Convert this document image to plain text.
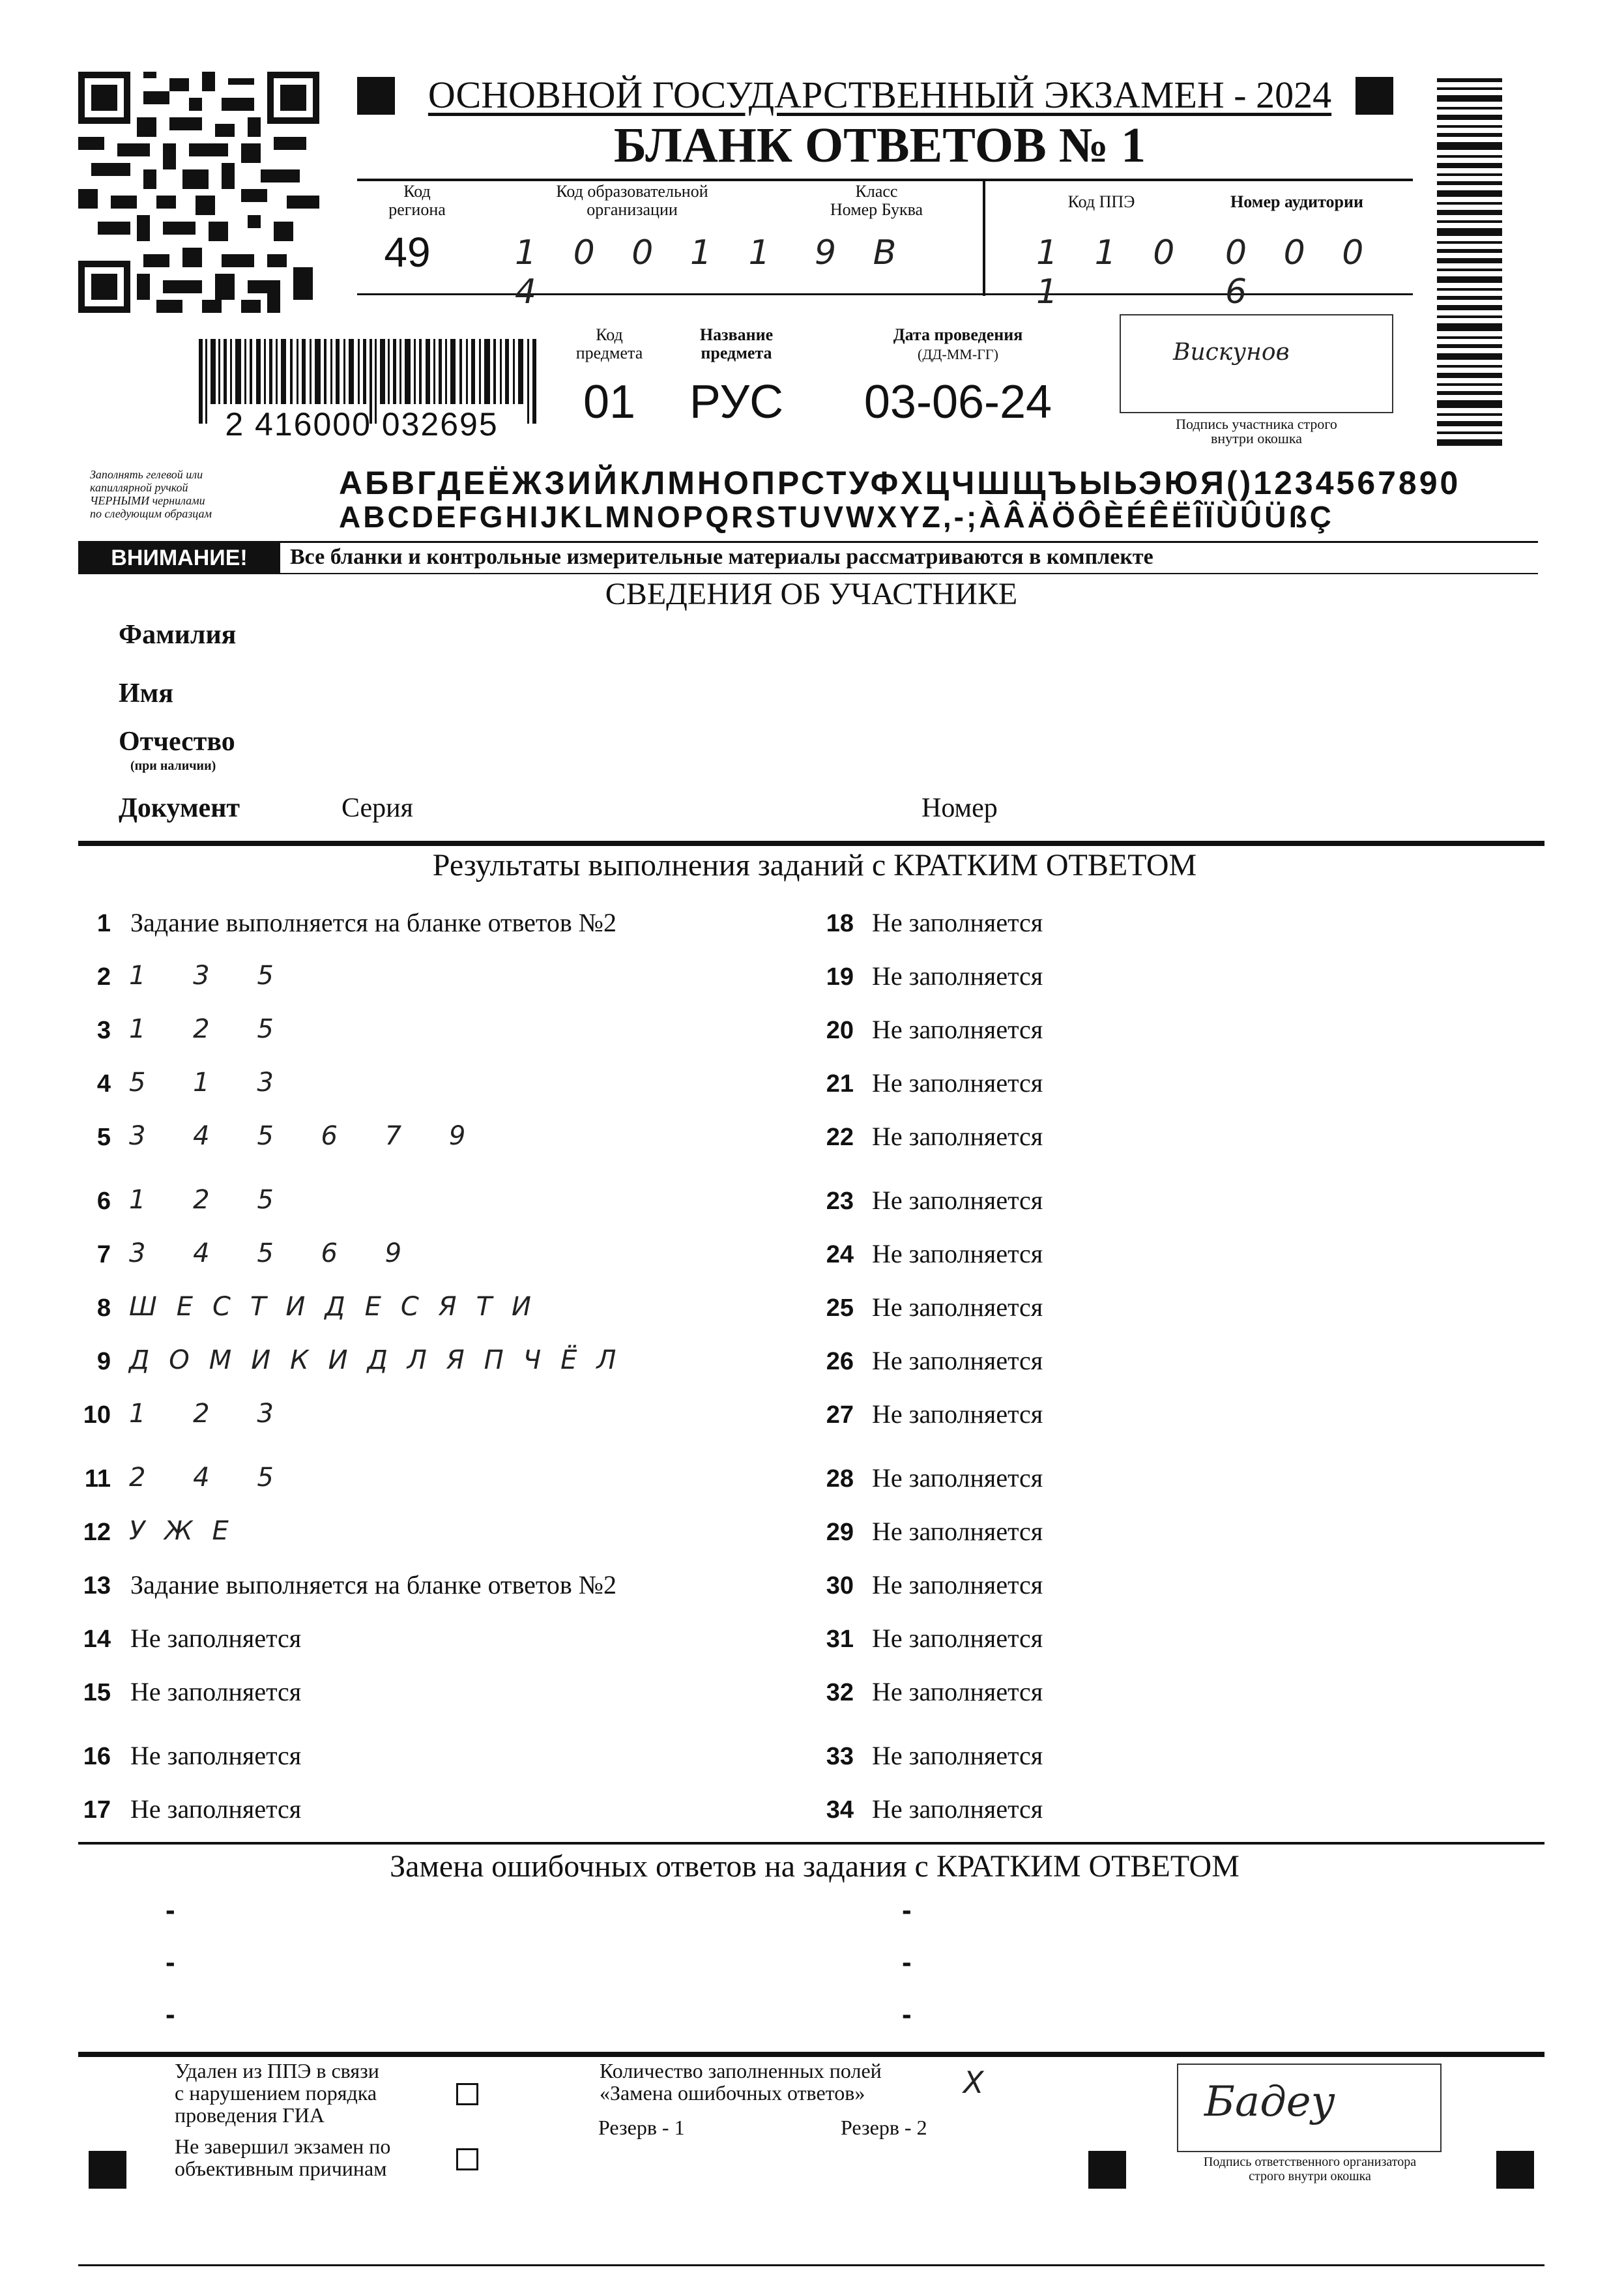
ОСНОВНОЙ ГОСУДАРСТВЕННЫЙ ЭКЗАМЕН - 2024
БЛАНК ОТВЕТОВ № 1
Код
региона
49
Код образовательной
организации
1 0 0 1 1 4
Класс
Номер Буква
9 В
Код ППЭ
1 1 0 1
Номер аудитории
0 0 0 6
2 416000 032695
Код
предмета
01
Название
предмета
РУС
Дата проведения
(ДД-ММ-ГГ)
03-06-24
Вискунов
Подпись участника строго
внутри окошка
Заполнять гелевой или
капиллярной ручкой
ЧЕРНЫМИ чернилами
по следующим образцам
АБВГДЕЁЖЗИЙКЛМНОПРСТУФХЦЧШЩЪЫЬЭЮЯ()1234567890
ABCDEFGHIJKLMNOPQRSTUVWXYZ,-;ÀÂÄÖÔÈÉÊËÎÏÙÛÜßÇ
ВНИМАНИЕ!	Все бланки и контрольные измерительные материалы рассматриваются в комплекте
СВЕДЕНИЯ ОБ УЧАСТНИКЕ
Фамилия
Имя
Отчество
(при наличии)
Документ	Серия	Номер
Результаты выполнения заданий с КРАТКИМ ОТВЕТОМ
1 Задание выполняется на бланке ответов №2
2 1 3 5
3 1 2 5
4 5 1 3
5 3 4 5 6 7 9
6 1 2 5
7 3 4 5 6 9
8 ШЕСТИДЕСЯТИ
9 ДОМИКИДЛЯПЧЁЛ
10 1 2 3
11 2 4 5
12 УЖЕ
13 Задание выполняется на бланке ответов №2
14 Не заполняется
15 Не заполняется
16 Не заполняется
17 Не заполняется
18 Не заполняется
19 Не заполняется
20 Не заполняется
21 Не заполняется
22 Не заполняется
23 Не заполняется
24 Не заполняется
25 Не заполняется
26 Не заполняется
27 Не заполняется
28 Не заполняется
29 Не заполняется
30 Не заполняется
31 Не заполняется
32 Не заполняется
33 Не заполняется
34 Не заполняется
Замена ошибочных ответов на задания с КРАТКИМ ОТВЕТОМ
-	-
-	-
-	-
Удален из ППЭ в связи
с нарушением порядка
проведения ГИА
Не завершил экзамен по
объективным причинам
Количество заполненных полей
«Замена ошибочных ответов»	X
Резерв - 1	Резерв - 2
Бадеу
Подпись ответственного организатора
строго внутри окошка
